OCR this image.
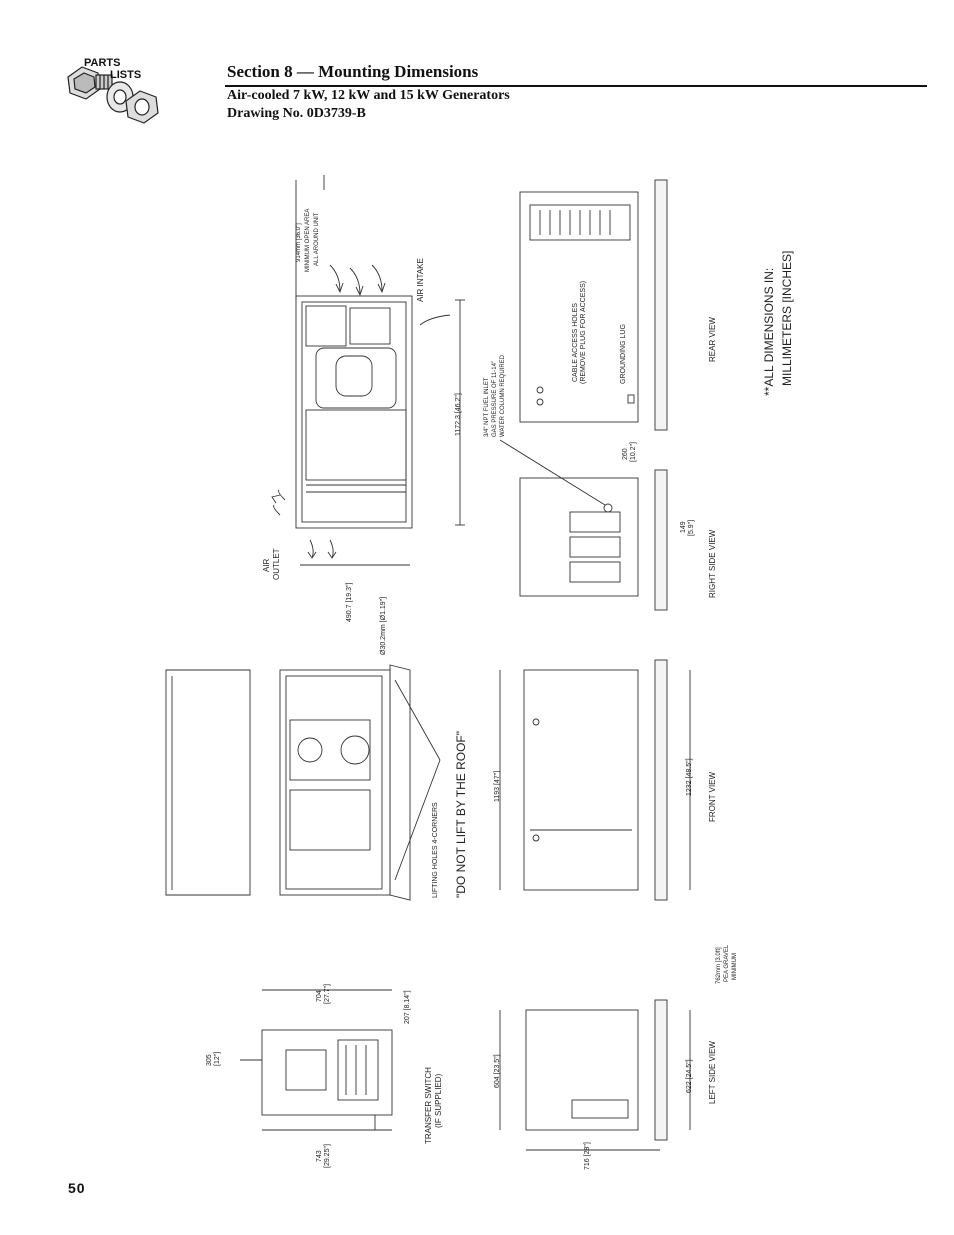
PARTS
LISTS	Section 8 — Mounting Dimensions
Air-cooled 7 kW, 12 kW and 15 kW Generators
Drawing No. 0D3739-B
**ALL DIMENSIONS IN: MILLIMETERS [INCHES]
"DO NOT LIFT BY THE ROOF"
LIFTING HOLES 4-CORNERS
AIR INTAKE
AIR OUTLET
914mm [36.0"] MINIMUM OPEN AREA ALL AROUND UNIT
1172.3 [46.2"]
490.7 [19.3"]	Ø30.2mm [Ø1.19"]
REAR VIEW
CABLE ACCESS HOLES (REMOVE PLUG FOR ACCESS)	GROUNDING LUG
3/4" NPT FUEL INLET GAS PRESSURE OF 11-14" WATER COLUMN REQUIRED
260 [10.2"]
149 [5.9"]
RIGHT SIDE VIEW
1193 [47"]	1232 [48.5"] FRONT VIEW
762mm [3.0ft] PEA GRAVEL MINIMUM
604 [23.5"]	622 [24.5"] LEFT SIDE VIEW
716 [28"]
704 [27.7"]	207 [8.14"]
305 [12"]
743 [29.25"]
TRANSFER SWITCH (IF SUPPLIED)
50
